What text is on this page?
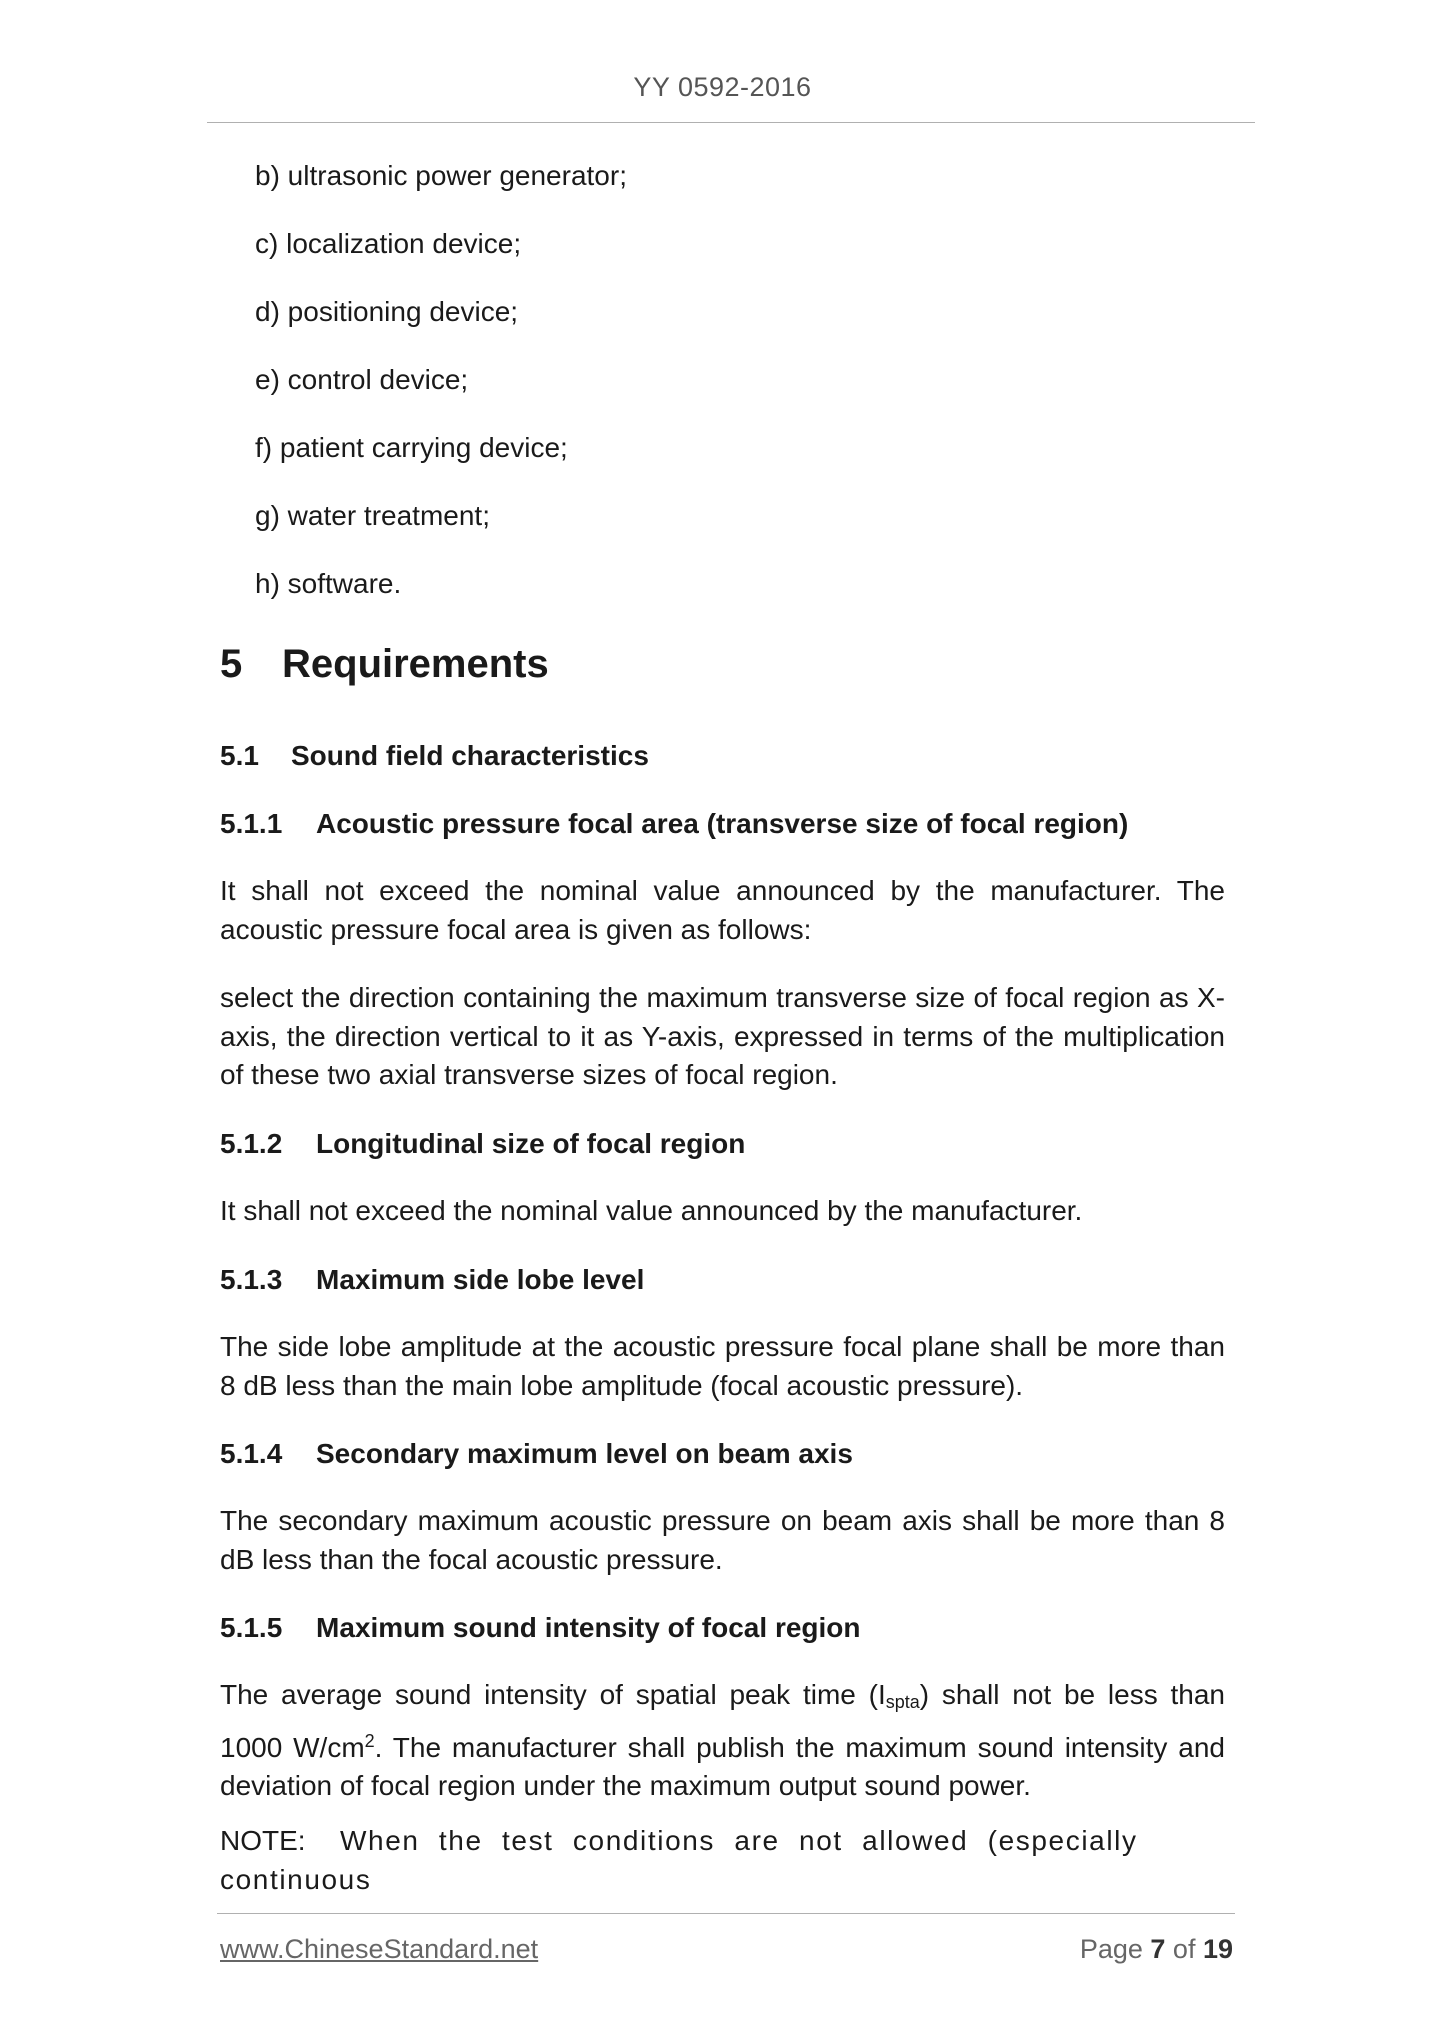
YY 0592-2016
b) ultrasonic power generator;
c) localization device;
d) positioning device;
e) control device;
f) patient carrying device;
g) water treatment;
h) software.
5 Requirements
5.1 Sound field characteristics
5.1.1 Acoustic pressure focal area (transverse size of focal region)
It shall not exceed the nominal value announced by the manufacturer. The acoustic pressure focal area is given as follows:
select the direction containing the maximum transverse size of focal region as X-axis, the direction vertical to it as Y-axis, expressed in terms of the multiplication of these two axial transverse sizes of focal region.
5.1.2 Longitudinal size of focal region
It shall not exceed the nominal value announced by the manufacturer.
5.1.3 Maximum side lobe level
The side lobe amplitude at the acoustic pressure focal plane shall be more than 8 dB less than the main lobe amplitude (focal acoustic pressure).
5.1.4 Secondary maximum level on beam axis
The secondary maximum acoustic pressure on beam axis shall be more than 8 dB less than the focal acoustic pressure.
5.1.5 Maximum sound intensity of focal region
The average sound intensity of spatial peak time $(I_{spta})$ shall not be less than 1000 $W/cm^2$. The manufacturer shall publish the maximum sound intensity and deviation of focal region under the maximum output sound power.
NOTE: When the test conditions are not allowed (especially continuous
www.ChineseStandard.net	Page 7 of 19
